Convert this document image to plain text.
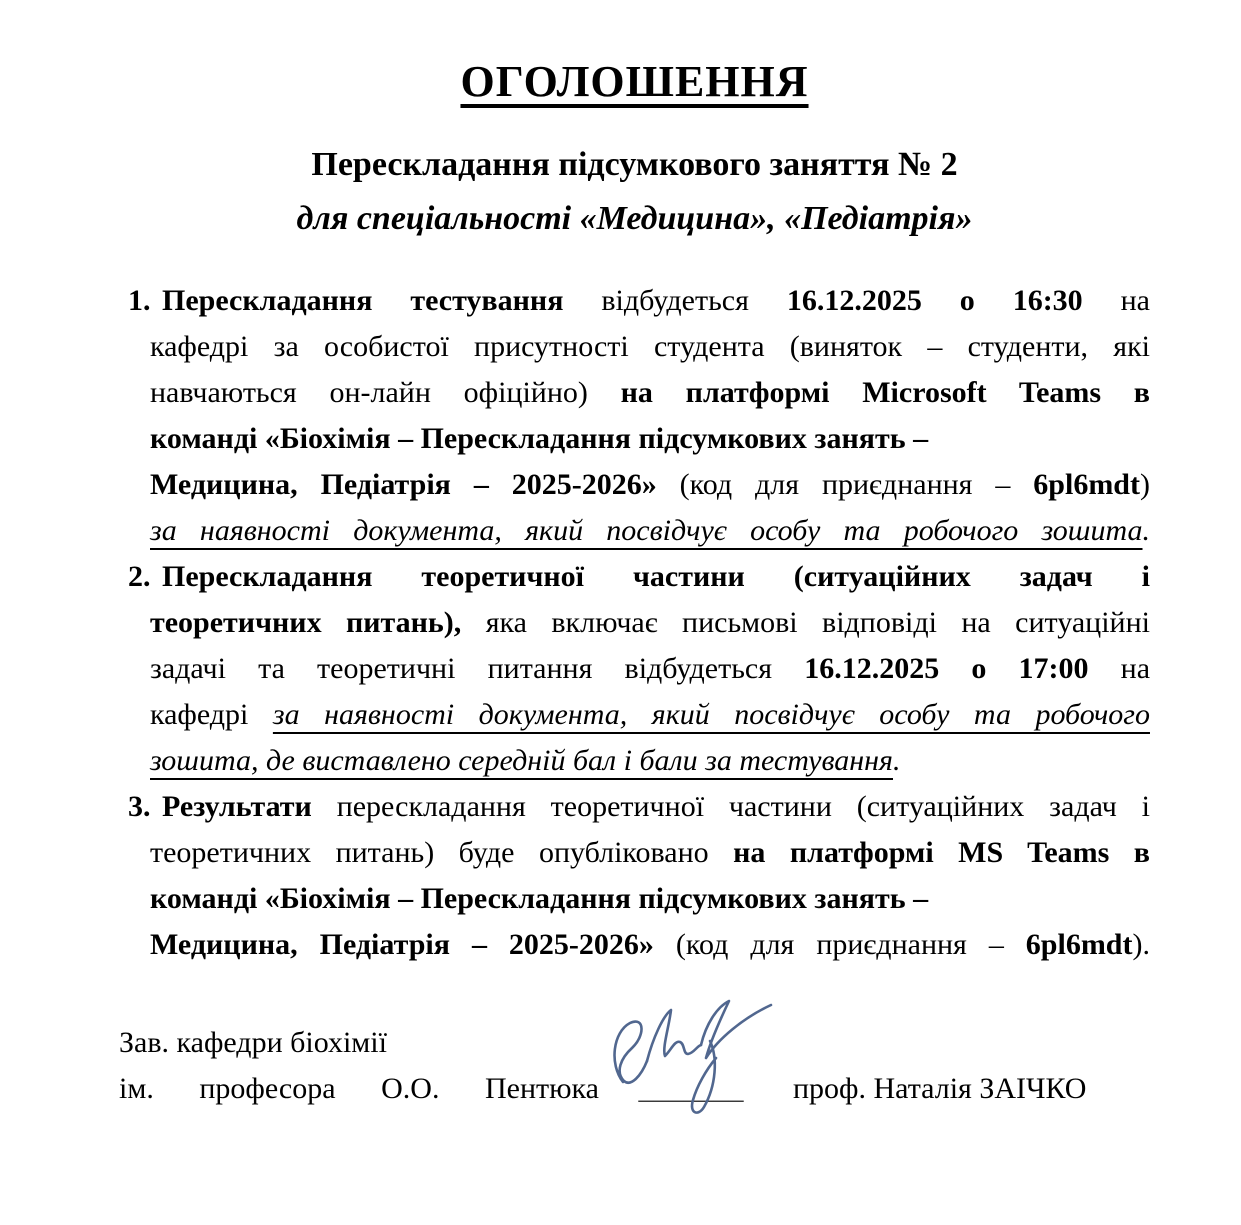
ОГОЛОШЕННЯ
Перескладання підсумкового заняття № 2
для спеціальності «Медицина», «Педіатрія»
1. Перескладання тестування відбудеться 16.12.2025 о 16:30 на
кафедрі за особистої присутності студента (виняток – студенти, які
навчаються он-лайн офіційно) на платформі Microsoft Teams в
команді «Біохімія – Перескладання підсумкових занять –
Медицина, Педіатрія – 2025-2026» (код для приєднання – 6pl6mdt)
за наявності документа, який посвідчує особу та робочого зошита.
2. Перескладання теоретичної частини (ситуаційних задач і
теоретичних питань), яка включає письмові відповіді на ситуаційні
задачі та теоретичні питання відбудеться 16.12.2025 о 17:00 на
кафедрі за наявності документа, який посвідчує особу та робочого
зошита, де виставлено середній бал і бали за тестування.
3. Результати перескладання теоретичної частини (ситуаційних задач і
теоретичних питань) буде опубліковано на платформі MS Teams в
команді «Біохімія – Перескладання підсумкових занять –
Медицина, Педіатрія – 2025-2026» (код для приєднання – 6pl6mdt).
Зав. кафедри біохімії
ім. професора О.О. Пентюка	_______	проф. Наталія ЗАІЧКО
